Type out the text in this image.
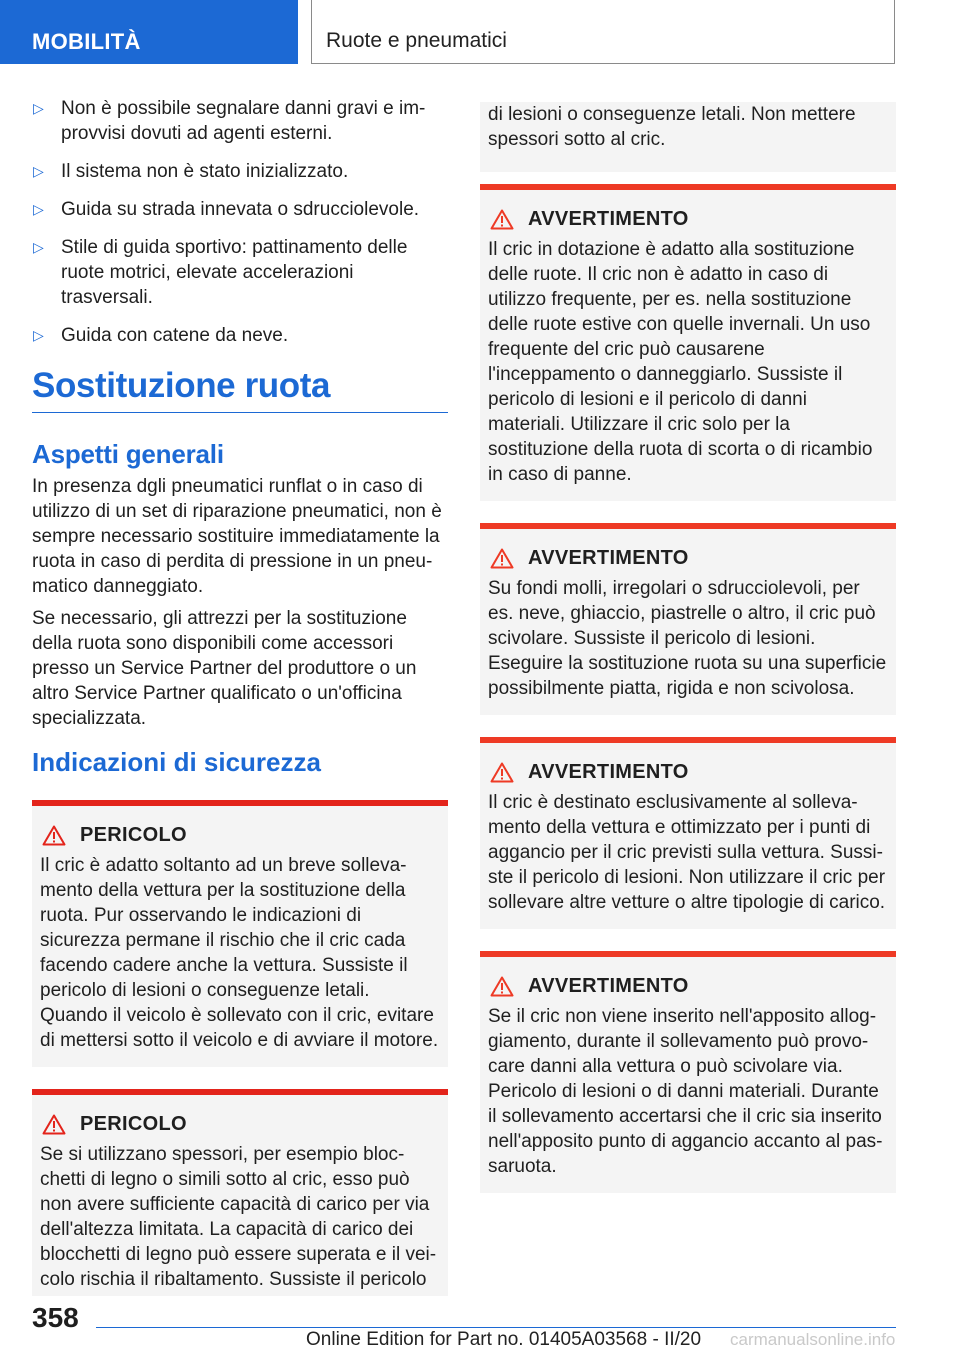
MOBILITÀ	Ruote e pneumatici
▷ Non è possibile segnalare danni gravi e improvvisi dovuti ad agenti esterni.
▷ Il sistema non è stato inizializzato.
▷ Guida su strada innevata o sdrucciolevole.
▷ Stile di guida sportivo: pattinamento delle ruote motrici, elevate accelerazioni trasversali.
▷ Guida con catene da neve.
Sostituzione ruota
Aspetti generali
In presenza dgli pneumatici runflat o in caso di utilizzo di un set di riparazione pneumatici, non è sempre necessario sostituire immediatamente la ruota in caso di perdita di pressione in un pneumatico danneggiato.
Se necessario, gli attrezzi per la sostituzione della ruota sono disponibili come accessori presso un Service Partner del produttore o un altro Service Partner qualificato o un'officina specializzata.
Indicazioni di sicurezza
PERICOLO
Il cric è adatto soltanto ad un breve sollevamento della vettura per la sostituzione della ruota. Pur osservando le indicazioni di sicurezza permane il rischio che il cric cada facendo cadere anche la vettura. Sussiste il pericolo di lesioni o conseguenze letali. Quando il veicolo è sollevato con il cric, evitare di mettersi sotto il veicolo e di avviare il motore.
PERICOLO
Se si utilizzano spessori, per esempio blocchetti di legno o simili sotto al cric, esso può non avere sufficiente capacità di carico per via dell'altezza limitata. La capacità di carico dei blocchetti di legno può essere superata e il veicolo rischia il ribaltamento. Sussiste il pericolo
di lesioni o conseguenze letali. Non mettere spessori sotto al cric.
AVVERTIMENTO
Il cric in dotazione è adatto alla sostituzione delle ruote. Il cric non è adatto in caso di utilizzo frequente, per es. nella sostituzione delle ruote estive con quelle invernali. Un uso frequente del cric può causarene l'inceppamento o danneggiarlo. Sussiste il pericolo di lesioni e il pericolo di danni materiali. Utilizzare il cric solo per la sostituzione della ruota di scorta o di ricambio in caso di panne.
AVVERTIMENTO
Su fondi molli, irregolari o sdrucciolevoli, per es. neve, ghiaccio, piastrelle o altro, il cric può scivolare. Sussiste il pericolo di lesioni. Eseguire la sostituzione ruota su una superficie possibilmente piatta, rigida e non scivolosa.
AVVERTIMENTO
Il cric è destinato esclusivamente al sollevamento della vettura e ottimizzato per i punti di aggancio per il cric previsti sulla vettura. Sussiste il pericolo di lesioni. Non utilizzare il cric per sollevare altre vetture o altre tipologie di carico.
AVVERTIMENTO
Se il cric non viene inserito nell'apposito alloggiamento, durante il sollevamento può provocare danni alla vettura o può scivolare via. Pericolo di lesioni o di danni materiali. Durante il sollevamento accertarsi che il cric sia inserito nell'apposito punto di aggancio accanto al passaruota.
358
Online Edition for Part no. 01405A03568 - II/20 carmanualsonline.info
